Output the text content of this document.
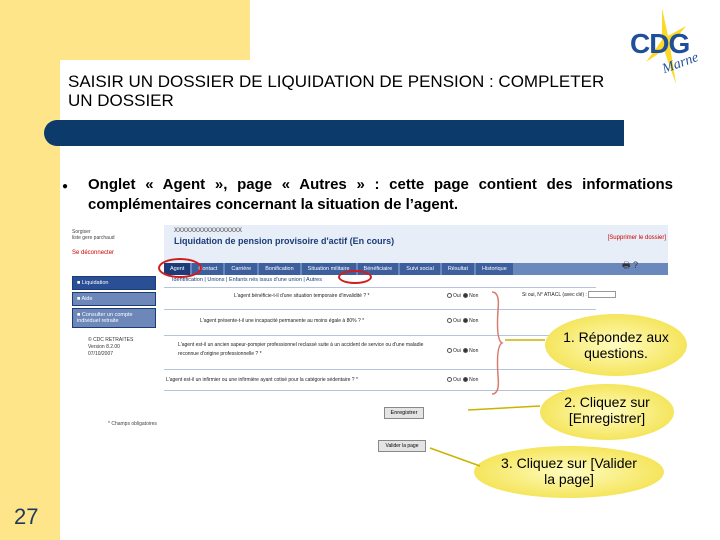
CDG
Marne
SAISIR UN DOSSIER DE LIQUIDATION DE PENSION : COMPLETER UN DOSSIER
● Onglet « Agent », page « Autres » : cette page contient des informations complémentaires concernant la situation de l’agent.
27
Sorgiser
liste gere parchaud
Se déconnecter
■ Liquidation
■ Aide
■ Consulter un compte individuel retraite
© CDC RETRAITES
Version 8.2.00
07/10/2007
XXXXXXXXXXXXXXXXX
Liquidation de pension provisoire d'actif (En cours)	[Supprimer le dossier]
Agent	Contact	Carrière	Bonification	Situation militaire	Bénéficiaire	Suivi social	Résultat	Historique
Identification | Unions | Enfants nés issus d'une union | Autres
Si oui, N° ATIACL (avec clé) :
L'agent bénéficie-t-il d'une situation temporaire d'invalidité ? *	Oui Non
L'agent présente-t-il une incapacité permanente au moins égale à 80% ? *	Oui Non
L'agent est-il un ancien sapeur-pompier professionnel reclassé suite à un accident de service ou d'une maladie reconnue d'origine professionnelle ? *	Oui Non
L'agent est-il un infirmier ou une infirmière ayant cotisé pour la catégorie sédentaire ? *	Oui Non
Enregistrer
🖶 ?
* Champs obligatoires
Valider la page
1. Répondez aux questions.
2. Cliquez sur [Enregistrer]
3. Cliquez sur [Valider la page]
